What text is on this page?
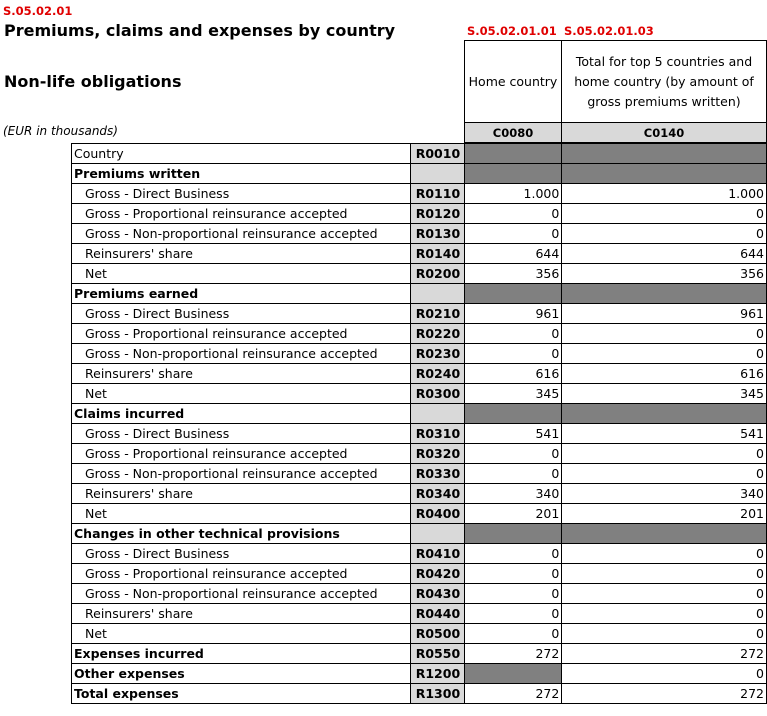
S.05.02.01
Premiums, claims and expenses by country
Non-life obligations
(EUR in thousands)
S.05.02.01.01 S.05.02.01.03
Home country
Total for top 5 countries and home country (by amount of gross premiums written)
C0080	C0140
Country	R0010		
Premiums written			
Gross - Direct Business	R0110	1.000	1.000
Gross - Proportional reinsurance accepted	R0120	0	0
Gross - Non-proportional reinsurance accepted	R0130	0	0
Reinsurers' share	R0140	644	644
Net	R0200	356	356
Premiums earned			
Gross - Direct Business	R0210	961	961
Gross - Proportional reinsurance accepted	R0220	0	0
Gross - Non-proportional reinsurance accepted	R0230	0	0
Reinsurers' share	R0240	616	616
Net	R0300	345	345
Claims incurred			
Gross - Direct Business	R0310	541	541
Gross - Proportional reinsurance accepted	R0320	0	0
Gross - Non-proportional reinsurance accepted	R0330	0	0
Reinsurers' share	R0340	340	340
Net	R0400	201	201
Changes in other technical provisions			
Gross - Direct Business	R0410	0	0
Gross - Proportional reinsurance accepted	R0420	0	0
Gross - Non-proportional reinsurance accepted	R0430	0	0
Reinsurers' share	R0440	0	0
Net	R0500	0	0
Expenses incurred	R0550	272	272
Other expenses	R1200		0
Total expenses	R1300	272	272
